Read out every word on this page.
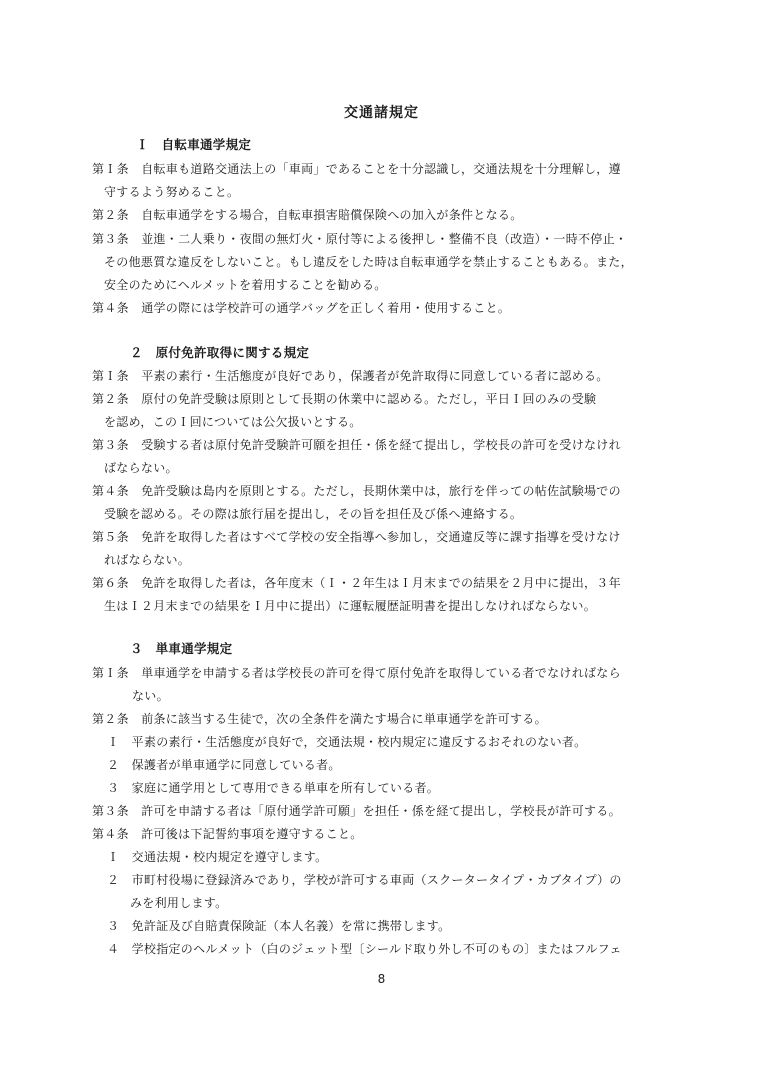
交通諸規定
Ｉ　自転車通学規定
第Ｉ条　自転車も道路交通法上の「車両」であることを十分認識し，交通法規を十分理解し，遵
守するよう努めること。
第２条　自転車通学をする場合，自転車損害賠償保険への加入が条件となる。
第３条　並進・二人乗り・夜間の無灯火・原付等による後押し・整備不良（改造）・一時不停止・
その他悪質な違反をしないこと。もし違反をした時は自転車通学を禁止することもある。また，
安全のためにヘルメットを着用することを勧める。
第４条　通学の際には学校許可の通学バッグを正しく着用・使用すること。
２　原付免許取得に関する規定
第Ｉ条　平素の素行・生活態度が良好であり，保護者が免許取得に同意している者に認める。
第２条　原付の免許受験は原則として長期の休業中に認める。ただし，平日Ｉ回のみの受験
を認め，このＩ回については公欠扱いとする。
第３条　受験する者は原付免許受験許可願を担任・係を経て提出し，学校長の許可を受けなけれ
ばならない。
第４条　免許受験は島内を原則とする。ただし，長期休業中は，旅行を伴っての帖佐試験場での
受験を認める。その際は旅行届を提出し，その旨を担任及び係へ連絡する。
第５条　免許を取得した者はすべて学校の安全指導へ参加し，交通違反等に課す指導を受けなけ
ればならない。
第６条　免許を取得した者は，各年度末（Ｉ・２年生はＩ月末までの結果を２月中に提出，３年
生はＩ２月末までの結果をＩ月中に提出）に運転履歴証明書を提出しなければならない。
３　単車通学規定
第Ｉ条　単車通学を申請する者は学校長の許可を得て原付免許を取得している者でなければなら
ない。
第２条　前条に該当する生徒で，次の全条件を満たす場合に単車通学を許可する。
Ｉ　平素の素行・生活態度が良好で，交通法規・校内規定に違反するおそれのない者。
２　保護者が単車通学に同意している者。
３　家庭に通学用として専用できる単車を所有している者。
第３条　許可を申請する者は「原付通学許可願」を担任・係を経て提出し，学校長が許可する。
第４条　許可後は下記誓約事項を遵守すること。
Ｉ　交通法規・校内規定を遵守します。
２　市町村役場に登録済みであり，学校が許可する車両（スクータータイプ・カブタイプ）の
みを利用します。
３　免許証及び自賠責保険証（本人名義）を常に携帯します。
４　学校指定のヘルメット（白のジェット型〔シールド取り外し不可のもの〕またはフルフェ
8
